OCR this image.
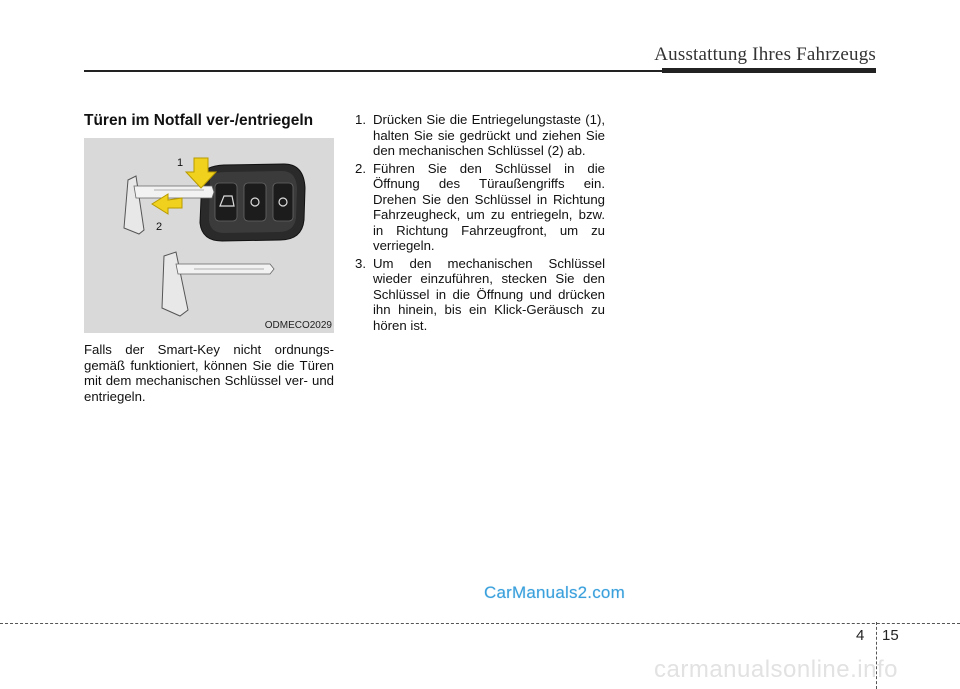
Ausstattung Ihres Fahrzeugs
Türen im Notfall ver-/entriegeln
1
2
ODMECO2029
Falls der Smart-Key nicht ordnungs- gemäß funktioniert, können Sie die Türen mit dem mechanischen Schlüssel ver- und entriegeln.
1. Drücken Sie die Entriegelungstaste (1), halten Sie sie gedrückt und ziehen Sie den mechanischen Schlüssel (2) ab.
2. Führen Sie den Schlüssel in die Öffnung des Türaußengriffs ein. Drehen Sie den Schlüssel in Richtung Fahrzeugheck, um zu entriegeln, bzw. in Richtung Fahrzeugfront, um zu verriegeln.
3. Um den mechanischen Schlüssel wieder einzuführen, stecken Sie den Schlüssel in die Öffnung und drücken ihn hinein, bis ein Klick-Geräusch zu hören ist.
CarManuals2.com
4 15
carmanualsonline.info
